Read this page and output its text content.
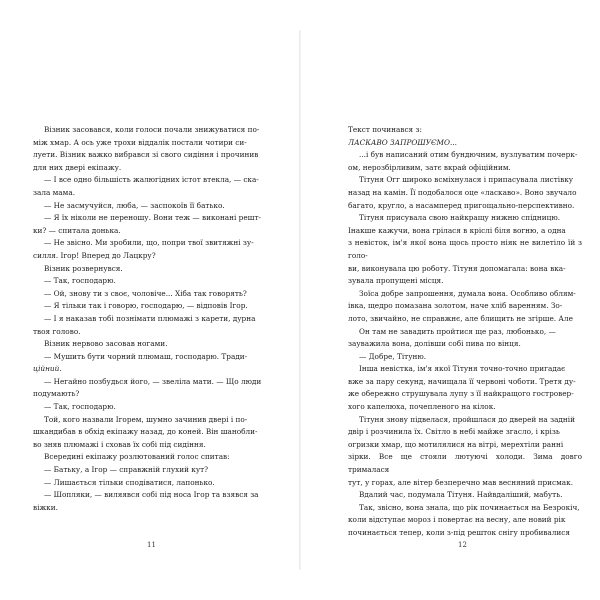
Візник засовався, коли голоси почали знижуватися по-

між хмар. А ось уже трохи віддалік постали чотири си-

луети. Візник важко вибрався зі свого сидіння і прочинив

для них двері екіпажу.

— І все одно більшість жалюгідних істот втекла, — ска-

зала мама.

— Не засмучуйся, люба, — заспокоїв її батько.

— Я їх ніколи не переношу. Вони теж — виконані решт-

ки? — спитала донька.

— Не звісно. Ми зробили, що, попри твої звитяжні зу-

силля. Ігор! Вперед до Лацкру?

Візник розвернувся.

— Так, господарю.

— Ой, знову ти з своє, чоловіче... Хіба так говорять?

— Я тільки так і говорю, господарю, — відповів Ігор.

— І я наказав тобі познімати плюмажі з карети, дурна

твоя голово.

Візник нервово засовав ногами.

— Мушить бути чорний плюмаш, господарю. Тради-

ційний.

— Негайно позбудься його, — звеліла мати. — Що люди

подумають?

— Так, господарю.

Той, кого назвали Ігорем, шумно зачинив двері і по-

шкандибав в обхід екіпажу назад, до коней. Він шанобли-

во зняв плюмажі і сховав їх собі під сидіння.

Всередині екіпажу розлютований голос спитав:

— Батьку, а Ігор — справжній глухий кут?

— Лишається тільки сподіватися, лапонько.

— Шопляки, — виляявся собі під носа Ігор та взявся за

віжки.

Текст починався з:

ЛАСКАВО ЗАПРОШУЄМО...

...і був написаний отим бундючним, вузлуватим почерк-

ом, нерозбірливим, затє вкрай офіційним.

Тітуня Огг широко всміхнулася і припасувала листівку

назад на камін. Її подобалося оце «ласкаво». Воно звучало

багато, кругло, а насамперед пригощально-перспективно.

Тітуня присувала свою найкращу нижню спідницю.

Інакше кажучи, вона грілася в кріслі біля вогню, а одна

з невісток, ім'я якої вона щось просто ніяк не вилетіло їй з голо-

ви, виконувала цю роботу. Тітуня допомагала: вона вка-

зувала пропущені місця.

Зоїса добре запрошення, думала вона. Особливо облям-

івка, щедро помазана золотом, наче хліб варенням. Зо-

лото, звичайно, не справжнє, але блищить не згірше. Але

Он там не завадить пройтися ще раз, любонько, —

зауважила вона, долівши собі пива по вінця.

— Добре, Тітуню.

Інша невістка, ім'я якої Тітуня точно-точно пригадає

вже за пару секунд, начищала її червоні чоботи. Третя ду-

же обережно струшувала лупу з її найкращого гостровер-

хого капелюха, почепленого на кілок.

Тітуня знову підвелася, пройшлася до дверей на задній

двір і розчинила їх. Світло в небі майже згасло, і крізь

огризки хмар, що мотилялися на вітрі, мерехтіли ранні

зірки. Все ще стояли лютуючі холоди. Зима довго трималася

тут, у горах, але вітер безперечно мав весняний присмак.

Вдалий час, подумала Тітуня. Найвдаліший, мабуть.

Так, звісно, вона знала, що рік починається на Безрокіч,

коли відступає мороз і повертає на весну, але новий рік

починається тепер, коли з-під решток снігу пробивалися

11	12
